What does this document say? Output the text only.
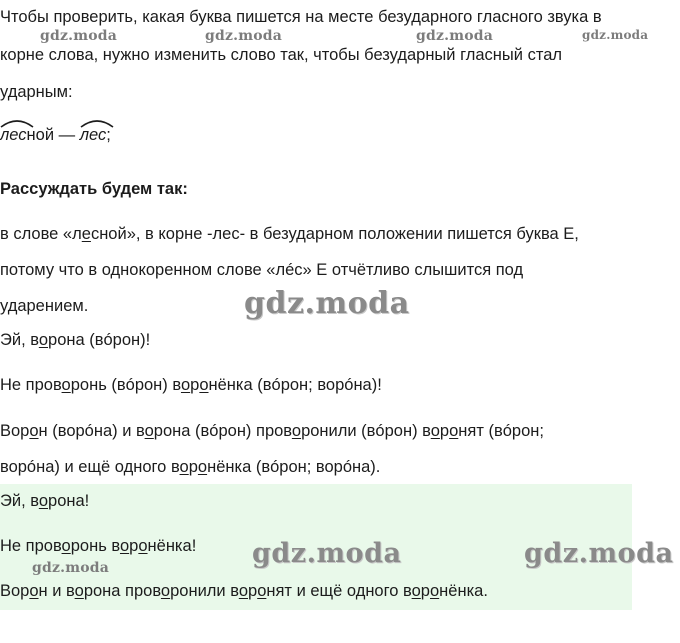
Чтобы проверить, какая буква пишется на месте безударного гласного звука в
корне слова, нужно изменить слово так, чтобы безударный гласный стал
ударным:
лесной — лес;
Рассуждать будем так:
в слове «лесной», в корне -лес- в безударном положении пишется буква Е,
потому что в однокоренном слове «лéс» Е отчётливо слышится под
ударением.
Эй, ворона (вóрон)!
Не проворонь (вóрон) воронёнка (вóрон; ворóна)!
Ворон (ворóна) и ворона (вóрон) проворонили (вóрон) воронят (вóрон;
ворóна) и ещё одного воронёнка (вóрон; ворóна).
Эй, ворона!
Не проворонь воронёнка!
Ворон и ворона проворонили воронят и ещё одного воронёнка.
gdz.moda	gdz.moda	gdz.moda	gdz.moda
gdz.moda
gdz.moda
gdz.moda	gdz.moda
